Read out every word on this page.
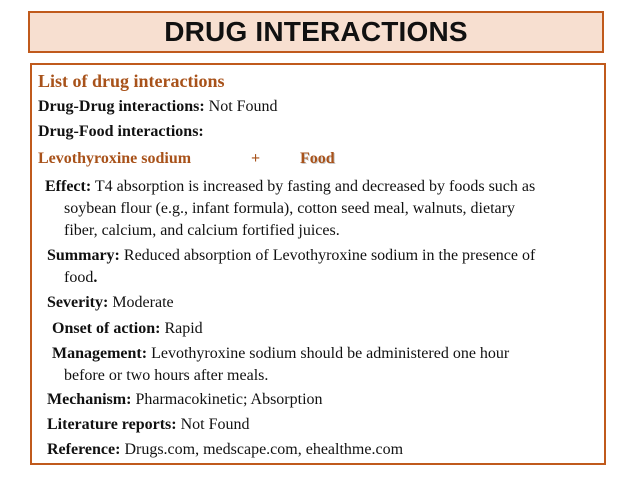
DRUG INTERACTIONS
List of drug interactions
Drug-Drug interactions: Not Found
Drug-Food interactions:
Levothyroxine sodium	+ Food
Effect: T4 absorption is increased by fasting and decreased by foods such as
soybean flour (e.g., infant formula), cotton seed meal, walnuts, dietary
fiber, calcium, and calcium fortified juices.
Summary: Reduced absorption of Levothyroxine sodium in the presence of
food.
Severity: Moderate
Onset of action: Rapid
Management: Levothyroxine sodium should be administered one hour
before or two hours after meals.
Mechanism: Pharmacokinetic; Absorption
Literature reports: Not Found
Reference: Drugs.com, medscape.com, ehealthme.com
